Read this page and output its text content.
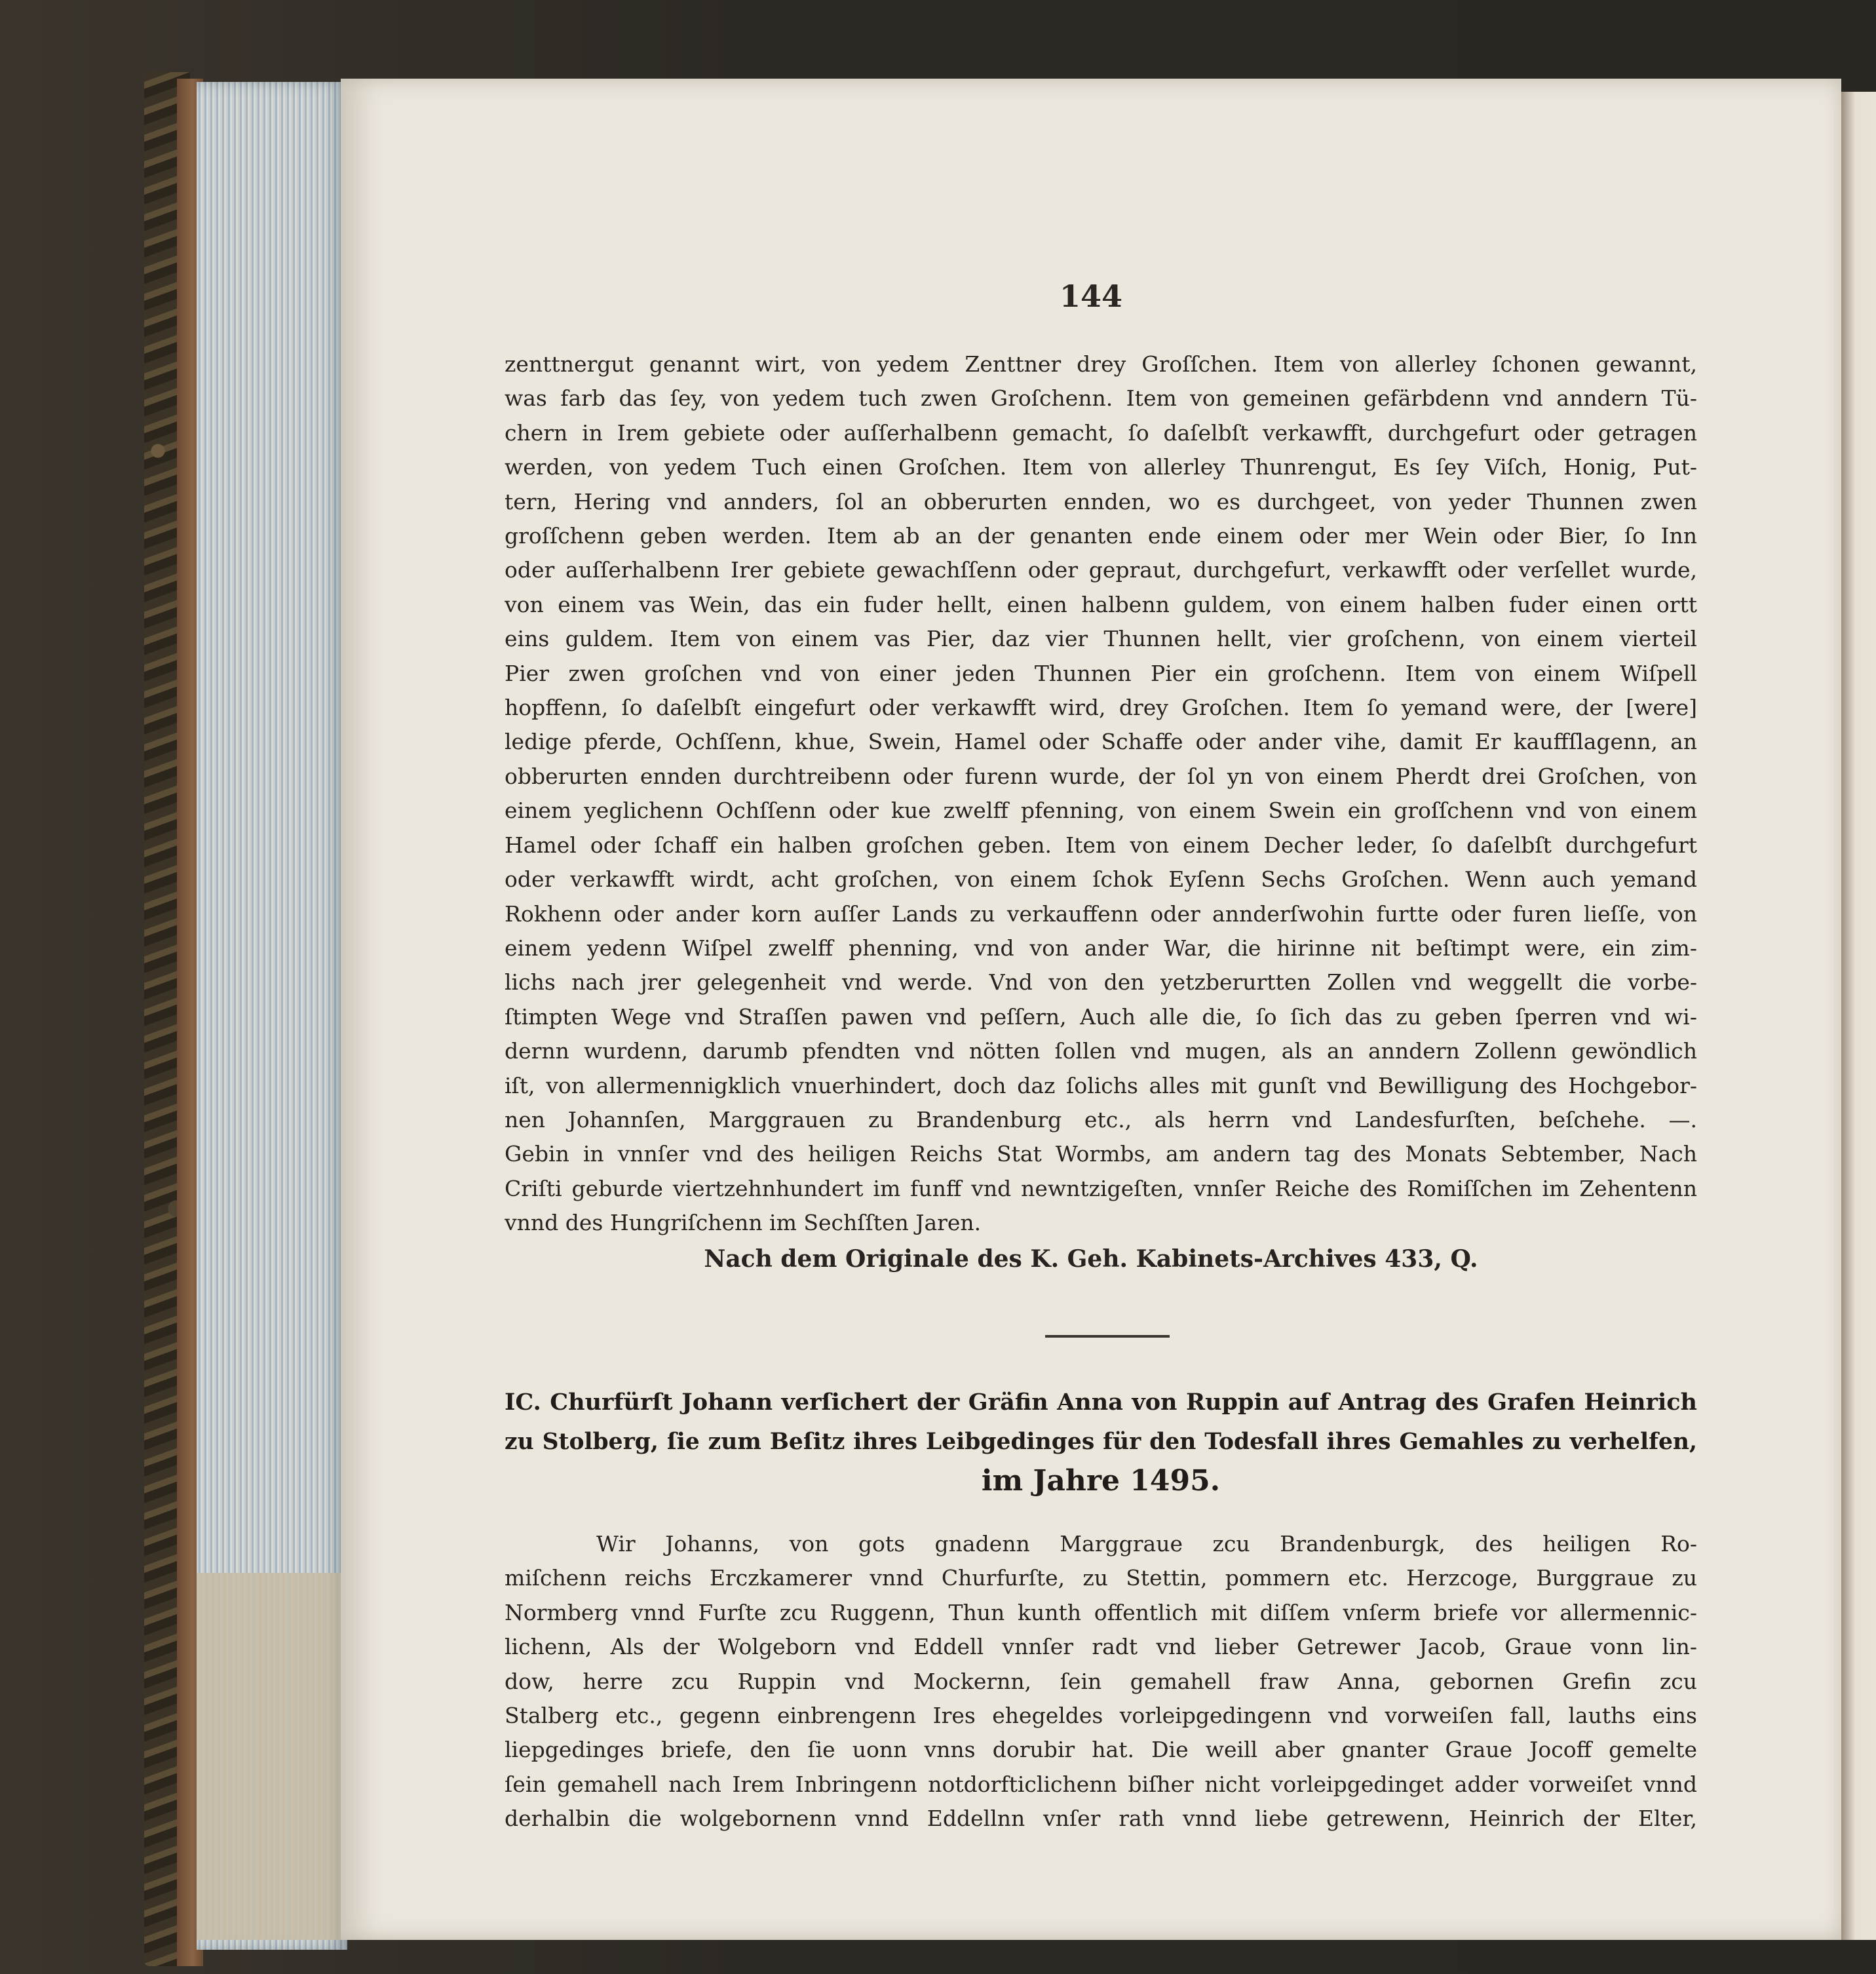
144
zenttnergut genannt wirt, von yedem Zenttner drey Groſſchen. Item von allerley ſchonen gewannt,
was farb das ſey, von yedem tuch zwen Groſchenn. Item von gemeinen gefärbdenn vnd anndern Tü-
chern in Irem gebiete oder auſſerhalbenn gemacht, ſo daſelbſt verkawfft, durchgefurt oder getragen
werden, von yedem Tuch einen Groſchen. Item von allerley Thunrengut, Es ſey Viſch, Honig, Put-
tern, Hering vnd annders, ſol an obberurten ennden, wo es durchgeet, von yeder Thunnen zwen
groſſchenn geben werden. Item ab an der genanten ende einem oder mer Wein oder Bier, ſo Inn
oder auſſerhalbenn Irer gebiete gewachſſenn oder gepraut, durchgefurt, verkawfft oder verſellet wurde,
von einem vas Wein, das ein fuder hellt, einen halbenn guldem, von einem halben fuder einen ortt
eins guldem. Item von einem vas Pier, daz vier Thunnen hellt, vier groſchenn, von einem vierteil
Pier zwen groſchen vnd von einer jeden Thunnen Pier ein groſchenn. Item von einem Wiſpell
hopffenn, ſo daſelbſt eingefurt oder verkawfft wird, drey Groſchen. Item ſo yemand were, der [were]
ledige pferde, Ochſſenn, khue, Swein, Hamel oder Schaffe oder ander vihe, damit Er kauffſlagenn, an
obberurten ennden durchtreibenn oder furenn wurde, der ſol yn von einem Pherdt drei Groſchen, von
einem yeglichenn Ochſſenn oder kue zwelff pfenning, von einem Swein ein groſſchenn vnd von einem
Hamel oder ſchaff ein halben groſchen geben. Item von einem Decher leder, ſo daſelbſt durchgefurt
oder verkawfft wirdt, acht groſchen, von einem ſchok Eyſenn Sechs Groſchen. Wenn auch yemand
Rokhenn oder ander korn auſſer Lands zu verkauffenn oder annderſwohin furtte oder furen lieſſe, von
einem yedenn Wiſpel zwelff phenning, vnd von ander War, die hirinne nit beſtimpt were, ein zim-
lichs nach jrer gelegenheit vnd werde. Vnd von den yetzberurtten Zollen vnd weggellt die vorbe-
ſtimpten Wege vnd Straſſen pawen vnd peſſern, Auch alle die, ſo ſich das zu geben ſperren vnd wi-
dernn wurdenn, darumb pfendten vnd nötten ſollen vnd mugen, als an anndern Zollenn gewöndlich
iſt, von allermennigklich vnuerhindert, doch daz ſolichs alles mit gunſt vnd Bewilligung des Hochgebor-
nen Johannſen, Marggrauen zu Brandenburg etc., als herrn vnd Landesfurſten, beſchehe. —.
Gebin in vnnſer vnd des heiligen Reichs Stat Wormbs, am andern tag des Monats Sebtember, Nach
Criſti geburde viertzehnhundert im funff vnd newntzigeſten, vnnſer Reiche des Romiſſchen im Zehentenn
vnnd des Hungriſchenn im Sechſſten Jaren.
Nach dem Originale des K. Geh. Kabinets-Archives 433, Q.
IC. Churfürſt Johann verſichert der Gräfin Anna von Ruppin auf Antrag des Grafen Heinrich
zu Stolberg, ſie zum Beſitz ihres Leibgedinges für den Todesfall ihres Gemahles zu verhelfen,
im Jahre 1495.
Wir Johanns, von gots gnadenn Marggraue zcu Brandenburgk, des heiligen Ro-
miſchenn reichs Erczkamerer vnnd Churfurſte, zu Stettin, pommern etc. Herzcoge, Burggraue zu
Normberg vnnd Furſte zcu Ruggenn, Thun kunth offentlich mit diſſem vnſerm briefe vor allermennic-
lichenn, Als der Wolgeborn vnd Eddell vnnſer radt vnd lieber Getrewer Jacob, Graue vonn lin-
dow, herre zcu Ruppin vnd Mockernn, ſein gemahell fraw Anna, gebornen Grefin zcu
Stalberg etc., gegenn einbrengenn Ires ehegeldes vorleipgedingenn vnd vorweiſen fall, lauths eins
liepgedinges briefe, den ſie uonn vnns dorubir hat. Die weill aber gnanter Graue Jocoff gemelte
ſein gemahell nach Irem Inbringenn notdorfticlichenn biſher nicht vorleipgedinget adder vorweiſet vnnd
derhalbin die wolgebornenn vnnd Eddellnn vnſer rath vnnd liebe getrewenn, Heinrich der Elter,
